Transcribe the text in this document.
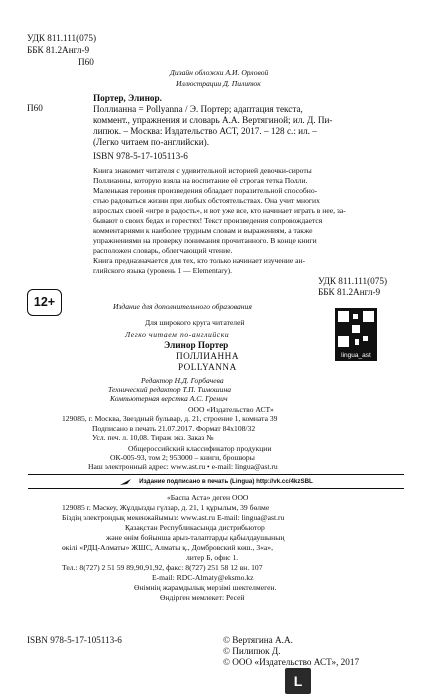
УДК 811.111(075)
ББК 81.2Англ-9
П60
Дизайн обложки А.И. Орловой
Иллюстрации Д. Пилипюк
П60
Портер, Элинор.
Поллианна = Pollyanna / Э. Портер; адаптация текста,
коммент., упражнения и словарь А.А. Вертягиной; ил. Д. Пи-
липюк. – Москва: Издательство АСТ, 2017. – 128 с.: ил. –
(Легко читаем по-английски).
ISBN 978-5-17-105113-6
Книга знакомит читателя с удивительной историей девочки-сироты
Поллианны, которую взяла на воспитание её строгая тетка Полли.
Маленькая героиня произведения обладает поразительной способно-
стью радоваться жизни при любых обстоятельствах. Она учит многих
взрослых своей «игре в радость», и вот уже все, кто начинает играть в нее, за-
бывают о своих бедах и горестях! Текст произведения сопровождается
комментариями к наиболее трудным словам и выражениям, а также
упражнениями на проверку понимания прочитанного. В конце книги
расположен словарь, облегчающий чтение.
Книга предназначается для тех, кто только начинает изучение ан-
глийского языка (уровень 1 — Elementary).
УДК 811.111(075)
ББК 81.2Англ-9
12+	Издание для дополнительного образования
Для широкого круга читателей
Легко читаем по-английски
lingua_ast
Элинор Портер
ПОЛЛИАННА
POLLYANNA
Редактор Н.Д. Горбачева
Технический редактор Т.П. Тимошина
Компьютерная верстка А.С. Гренич
ООО «Издательство АСТ»
129085, г. Москва, Звездный бульвар, д. 21, строение 1, комната 39
Подписано в печать 21.07.2017. Формат 84x108/32
Усл. печ. л. 10,08. Тираж экз. Заказ №
Общероссийский классификатор продукции
ОК-005-93, том 2; 953000 – книги, брошюры
Наш электронный адрес: www.ast.ru • e-mail: lingua@ast.ru
Издание подписано в печать (Lingua) http://vk.cc/4kzSBL
«Баспа Аста» деген ООО
129085 г. Мәскеу, Жұлдызды гүлзар, д. 21, 1 құрылым, 39 бөлме
Біздің электрондық мекенжайымыз: www.ast.ru E-mail: lingua@ast.ru
Қазақстан Республикасында дистрибьютор
және өнім бойынша арыз-талаптарды қабылдаушының
өкілі «РДЦ-Алматы» ЖШС, Алматы қ., Домбровский көш., 3«а»,
литер Б, офис 1.
Тел.: 8(727) 2 51 59 89,90,91,92, факс: 8(727) 251 58 12 вн. 107
E-mail: RDC-Almaty@eksmo.kz
Өнімнің жарамдылық мерзімі шектелмеген.
Өндірген мемлекет: Ресей
ISBN 978-5-17-105113-6	© Вертягина А.А.
© Пилипюк Д.
© ООО «Издательство АСТ», 2017
L
